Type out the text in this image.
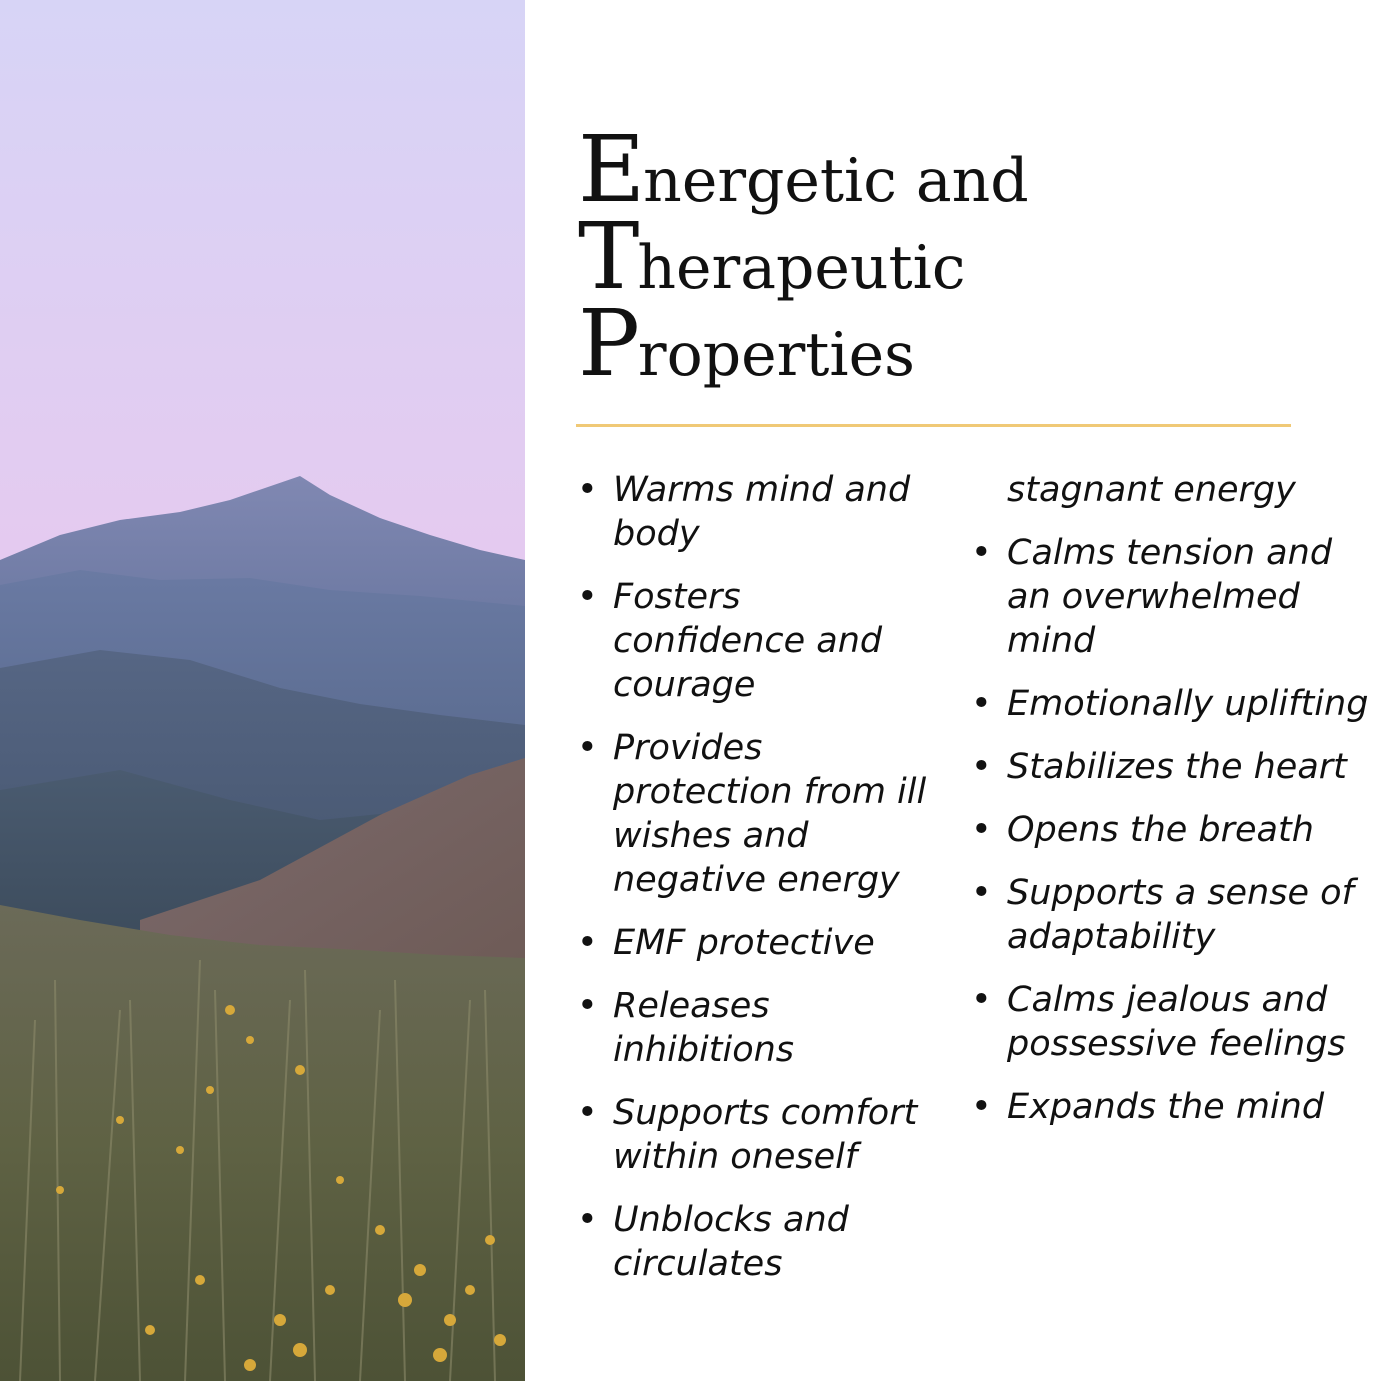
Energetic and
Therapeutic
Properties
• Warms mind and body
• Fosters confidence and courage
• Provides protection from ill wishes and negative energy
• EMF protective
• Releases inhibitions
• Supports comfort within oneself
• Unblocks and circulates
stagnant energy
• Calms tension and an overwhelmed mind
• Emotionally uplifting
• Stabilizes the heart
• Opens the breath
• Supports a sense of adaptability
• Calms jealous and possessive feelings
• Expands the mind
